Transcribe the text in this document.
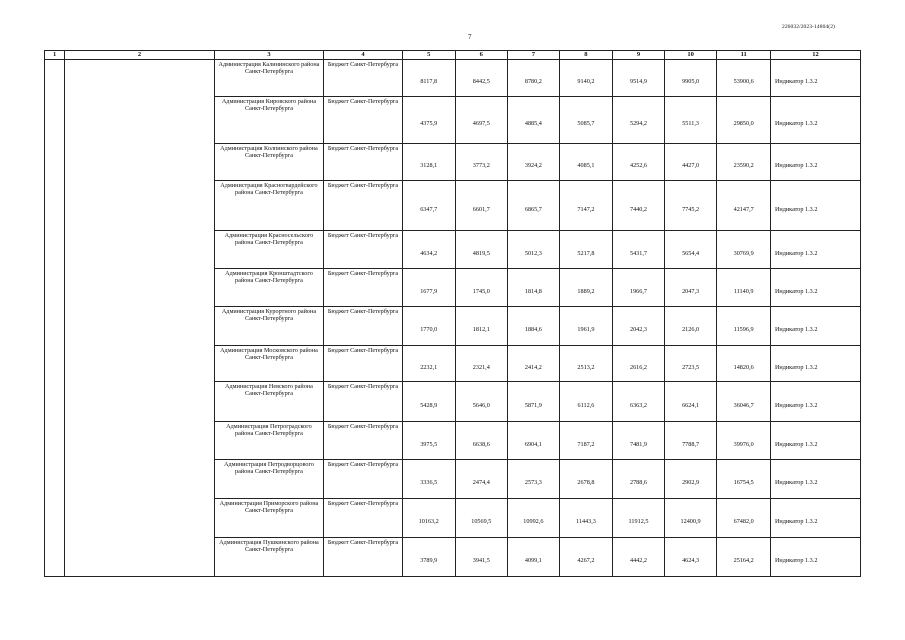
226032/2023-14804(2)
7
1	2	3	4	5	6	7	8	9	10	11	12
		Администрация Калининского района Санкт-Петербурга	Бюджет Санкт-Петербурга	8117,8	8442,5	8780,2	9140,2	9514,9	9905,0	53900,6	Индикатор 1.3.2
		Администрация Кировского района Санкт-Петербурга	Бюджет Санкт-Петербурга	4375,9	4697,5	4885,4	5085,7	5294,2	5511,3	29850,0	Индикатор 1.3.2
		Администрация Колпинского района Санкт-Петербурга	Бюджет Санкт-Петербурга	3128,1	3773,2	3924,2	4085,1	4252,6	4427,0	23590,2	Индикатор 1.3.2
		Администрация Красногвардейского района Санкт-Петербурга	Бюджет Санкт-Петербурга	6347,7	6601,7	6865,7	7147,2	7440,2	7745,2	42147,7	Индикатор 1.3.2
		Администрация Красносельского района Санкт-Петербурга	Бюджет Санкт-Петербурга	4634,2	4819,5	5012,3	5217,8	5431,7	5654,4	30769,9	Индикатор 1.3.2
		Администрация Кронштадтского района Санкт-Петербурга	Бюджет Санкт-Петербурга	1677,9	1745,0	1814,8	1889,2	1966,7	2047,3	11140,9	Индикатор 1.3.2
		Администрация Курортного района Санкт-Петербурга	Бюджет Санкт-Петербурга	1770,0	1812,1	1884,6	1961,9	2042,3	2126,0	11596,9	Индикатор 1.3.2
		Администрация Московского района Санкт-Петербурга	Бюджет Санкт-Петербурга	2232,1	2321,4	2414,2	2513,2	2616,2	2723,5	14820,6	Индикатор 1.3.2
		Администрация Невского района Санкт-Петербурга	Бюджет Санкт-Петербурга	5428,9	5646,0	5871,9	6112,6	6363,2	6624,1	36046,7	Индикатор 1.3.2
		Администрация Петроградского района Санкт-Петербурга	Бюджет Санкт-Петербурга	3975,5	6638,6	6904,1	7187,2	7481,9	7788,7	39976,0	Индикатор 1.3.2
		Администрация Петродворцового района Санкт-Петербурга	Бюджет Санкт-Петербурга	3336,5	2474,4	2573,3	2678,8	2788,6	2902,9	16754,5	Индикатор 1.3.2
		Администрация Приморского района Санкт-Петербурга	Бюджет Санкт-Петербурга	10163,2	10569,5	10992,6	11443,3	11912,5	12400,9	67482,0	Индикатор 1.3.2
		Администрация Пушкинского района Санкт-Петербурга	Бюджет Санкт-Петербурга	3789,9	3941,5	4099,1	4267,2	4442,2	4624,3	25164,2	Индикатор 1.3.2
